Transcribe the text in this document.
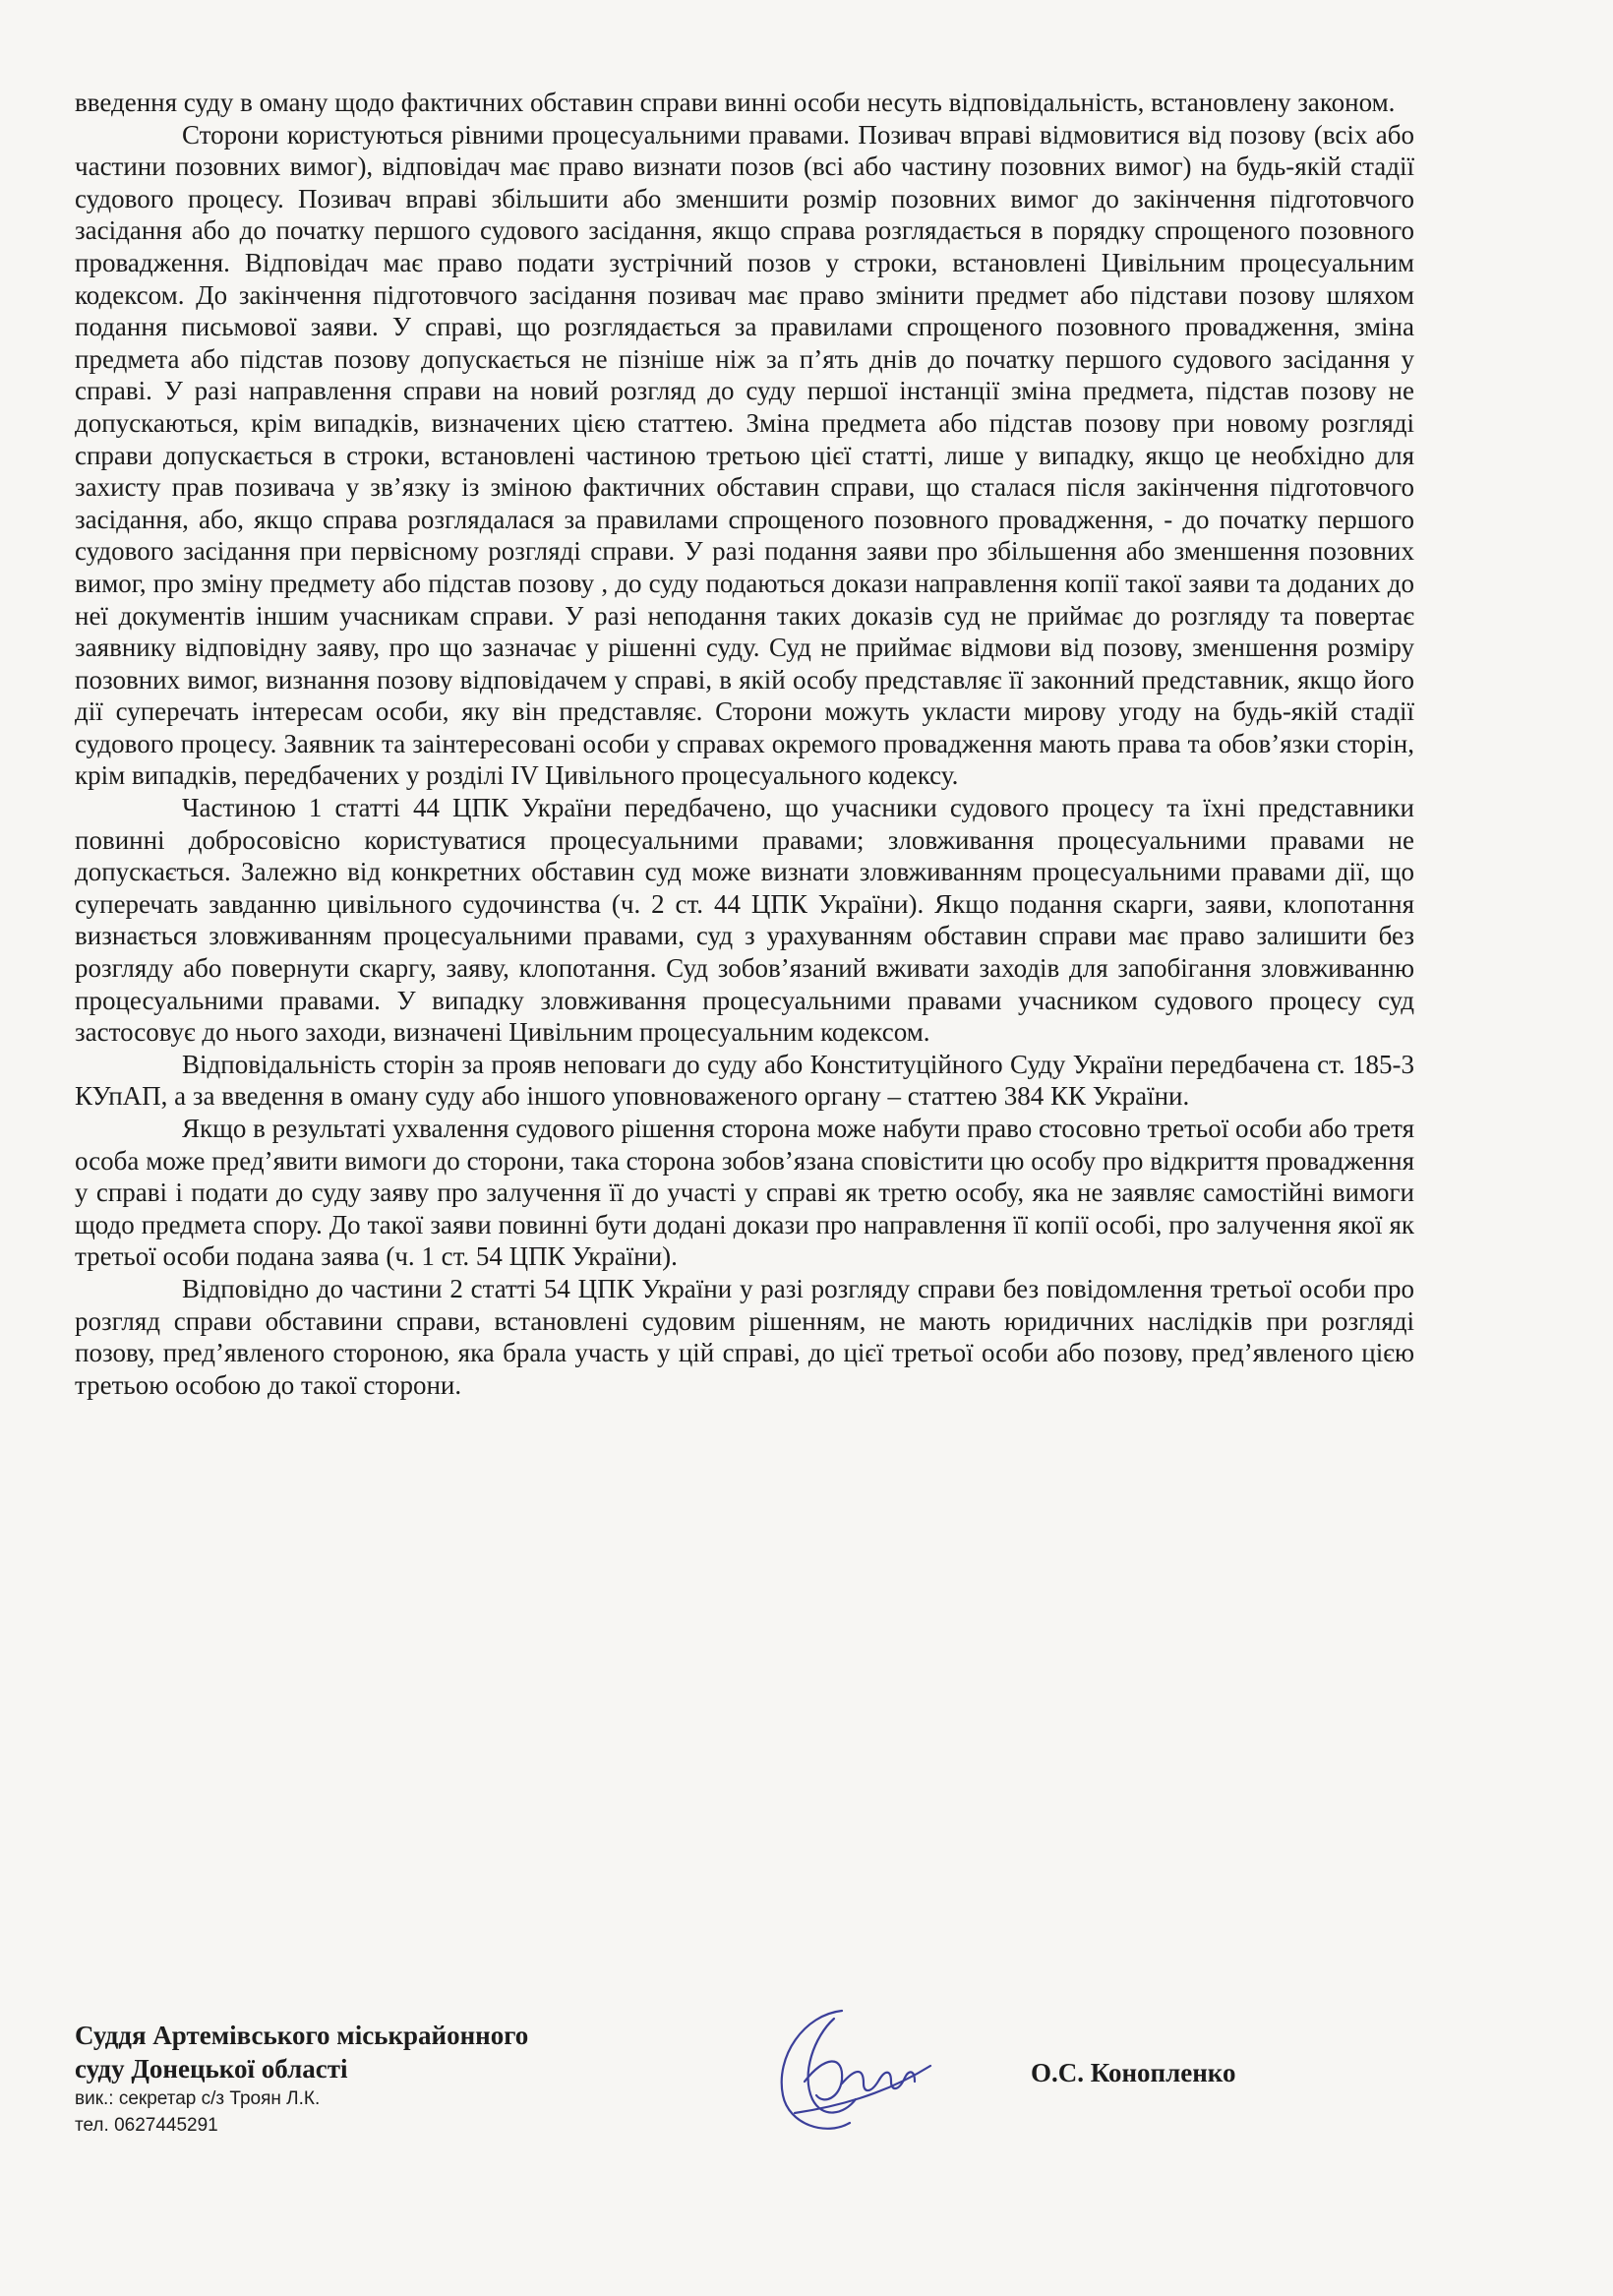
введення суду в оману щодо фактичних обставин справи винні особи несуть відповідальність, встановлену законом.

Сторони користуються рівними процесуальними правами. Позивач вправі відмовитися від позову (всіх або частини позовних вимог), відповідач має право визнати позов (всі або частину позовних вимог) на будь-якій стадії судового процесу. Позивач вправі збільшити або зменшити розмір позовних вимог до закінчення підготовчого засідання або до початку першого судового засідання, якщо справа розглядається в порядку спрощеного позовного провадження. Відповідач має право подати зустрічний позов у строки, встановлені Цивільним процесуальним кодексом. До закінчення підготовчого засідання позивач має право змінити предмет або підстави позову шляхом подання письмової заяви. У справі, що розглядається за правилами спрощеного позовного провадження, зміна предмета або підстав позову допускається не пізніше ніж за п’ять днів до початку першого судового засідання у справі. У разі направлення справи на новий розгляд до суду першої інстанції зміна предмета, підстав позову не допускаються, крім випадків, визначених цією статтею. Зміна предмета або підстав позову при новому розгляді справи допускається в строки, встановлені частиною третьою цієї статті, лише у випадку, якщо це необхідно для захисту прав позивача у зв’язку із зміною фактичних обставин справи, що сталася після закінчення підготовчого засідання, або, якщо справа розглядалася за правилами спрощеного позовного провадження, - до початку першого судового засідання при первісному розгляді справи. У разі подання заяви про збільшення або зменшення позовних вимог, про зміну предмету або підстав позову , до суду подаються докази направлення копії такої заяви та доданих до неї документів іншим учасникам справи. У разі неподання таких доказів суд не приймає до розгляду та повертає заявнику відповідну заяву, про що зазначає у рішенні суду. Суд не приймає відмови від позову, зменшення розміру позовних вимог, визнання позову відповідачем у справі, в якій особу представляє її законний представник, якщо його дії суперечать інтересам особи, яку він представляє. Сторони можуть укласти мирову угоду на будь-якій стадії судового процесу. Заявник та заінтересовані особи у справах окремого провадження мають права та обов’язки сторін, крім випадків, передбачених у розділі IV Цивільного процесуального кодексу.

Частиною 1 статті 44 ЦПК України передбачено, що учасники судового процесу та їхні представники повинні добросовісно користуватися процесуальними правами; зловживання процесуальними правами не допускається. Залежно від конкретних обставин суд може визнати зловживанням процесуальними правами дії, що суперечать завданню цивільного судочинства (ч. 2 ст. 44 ЦПК України). Якщо подання скарги, заяви, клопотання визнається зловживанням процесуальними правами, суд з урахуванням обставин справи має право залишити без розгляду або повернути скаргу, заяву, клопотання. Суд зобов’язаний вживати заходів для запобігання зловживанню процесуальними правами. У випадку зловживання процесуальними правами учасником судового процесу суд застосовує до нього заходи, визначені Цивільним процесуальним кодексом.

Відповідальність сторін за прояв неповаги до суду або Конституційного Суду України передбачена ст. 185-3 КУпАП, а за введення в оману суду або іншого уповноваженого органу – статтею 384 КК України.

Якщо в результаті ухвалення судового рішення сторона може набути право стосовно третьої особи або третя особа може пред’явити вимоги до сторони, така сторона зобов’язана сповістити цю особу про відкриття провадження у справі і подати до суду заяву про залучення її до участі у справі як третю особу, яка не заявляє самостійні вимоги щодо предмета спору. До такої заяви повинні бути додані докази про направлення її копії особі, про залучення якої як третьої особи подана заява (ч. 1 ст. 54 ЦПК України).

Відповідно до частини 2 статті 54 ЦПК України у разі розгляду справи без повідомлення третьої особи про розгляд справи обставини справи, встановлені судовим рішенням, не мають юридичних наслідків при розгляді позову, пред’явленого стороною, яка брала участь у цій справі, до цієї третьої особи або позову, пред’явленого цією третьою особою до такої сторони.

Суддя Артемівського міськрайонного

суду Донецької області

вик.: секретар с/з Троян Л.К.

тел. 0627445291

О.С. Конопленко
